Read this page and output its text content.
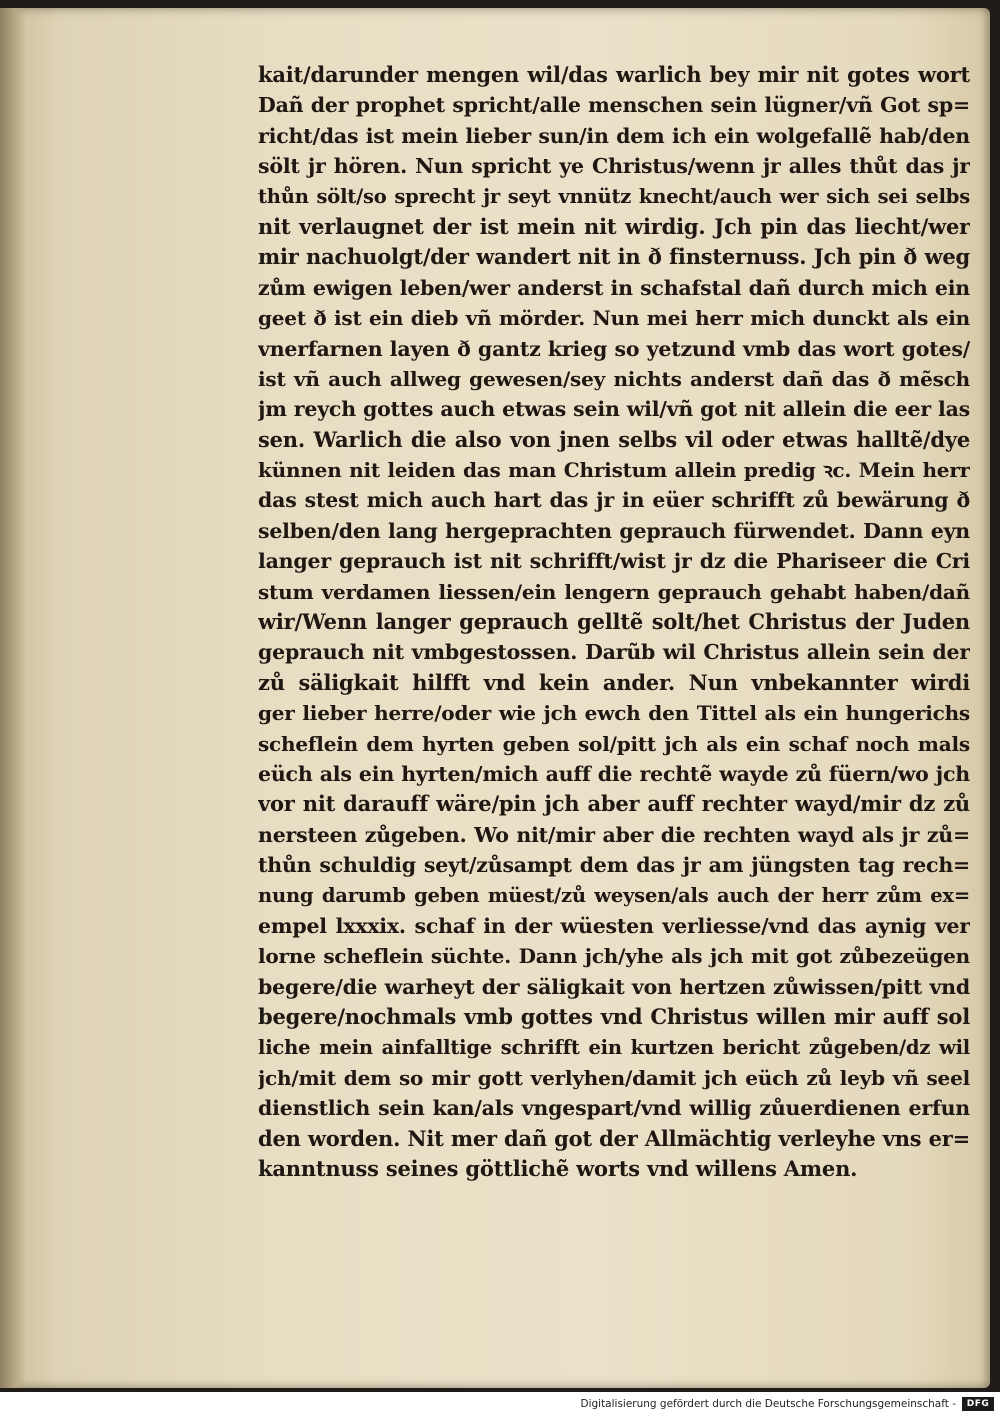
kait/darunder mengen wil/das warlich bey mir nit gotes wort
Dañ der prophet spricht/alle menschen sein lügner/vñ Got sp=
richt/das ist mein lieber sun/in dem ich ein wolgefallẽ hab/den
sölt jr hören. Nun spricht ye Christus/wenn jr alles thůt das jr
thůn sölt/so sprecht jr seyt vnnütz knecht/auch wer sich sei selbs
nit verlaugnet der ist mein nit wirdig. Jch pin das liecht/wer
mir nachuolgt/der wandert nit in ð finsternuss. Jch pin ð weg
zům ewigen leben/wer anderst in schafstal dañ durch mich ein
geet ð ist ein dieb vñ mörder. Nun mei herr mich dunckt als ein
vnerfarnen layen ð gantz krieg so yetzund vmb das wort gotes/
ist vñ auch allweg gewesen/sey nichts anderst dañ das ð mẽsch
jm reych gottes auch etwas sein wil/vñ got nit allein die eer las
sen. Warlich die also von jnen selbs vil oder etwas halltẽ/dye
künnen nit leiden das man Christum allein predig ꝛc. Mein herr
das stest mich auch hart das jr in eüer schrifft zů bewärung ð
selben/den lang hergeprachten geprauch fürwendet. Dann eyn
langer geprauch ist nit schrifft/wist jr dz die Phariseer die Cri
stum verdamen liessen/ein lengern geprauch gehabt haben/dañ
wir/Wenn langer geprauch gelltẽ solt/het Christus der Juden
geprauch nit vmbgestossen. Darũb wil Christus allein sein der
zů säligkait hilfft vnd kein ander. Nun vnbekannter wirdi
ger lieber herre/oder wie jch ewch den Tittel als ein hungerichs
scheflein dem hyrten geben sol/pitt jch als ein schaf noch mals
eüch als ein hyrten/mich auff die rechtẽ wayde zů füern/wo jch
vor nit darauff wäre/pin jch aber auff rechter wayd/mir dz zů
nersteen zůgeben. Wo nit/mir aber die rechten wayd als jr zů=
thůn schuldig seyt/zůsampt dem das jr am jüngsten tag rech=
nung darumb geben müest/zů weysen/als auch der herr zům ex=
empel lxxxix. schaf in der wüesten verliesse/vnd das aynig ver
lorne scheflein süchte. Dann jch/yhe als jch mit got zůbezeügen
begere/die warheyt der säligkait von hertzen zůwissen/pitt vnd
begere/nochmals vmb gottes vnd Christus willen mir auff sol
liche mein ainfalltige schrifft ein kurtzen bericht zůgeben/dz wil
jch/mit dem so mir gott verlyhen/damit jch eüch zů leyb vñ seel
dienstlich sein kan/als vngespart/vnd willig zůuerdienen erfun
den worden. Nit mer dañ got der Allmächtig verleyhe vns er=
kanntnuss seines göttlichẽ worts vnd willens Amen.
Digitalisierung gefördert durch die Deutsche Forschungsgemeinschaft -	DFG
